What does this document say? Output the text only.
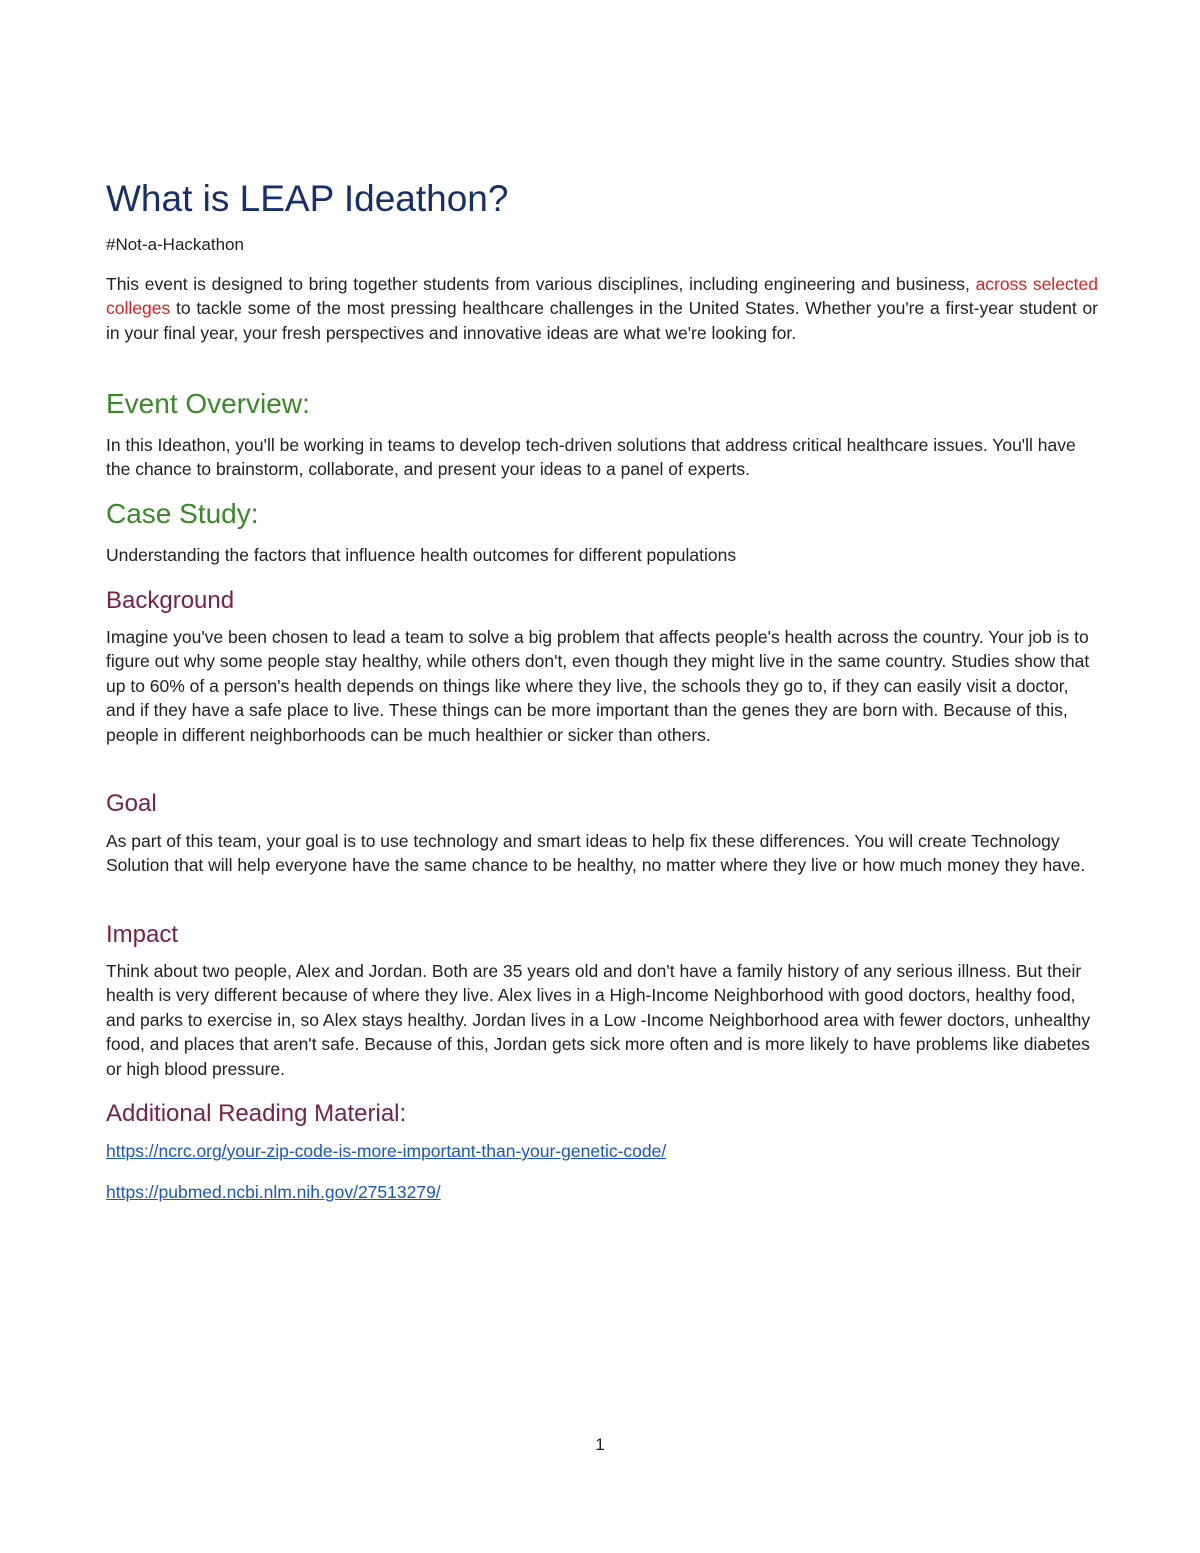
What is LEAP Ideathon?

#Not-a-Hackathon

This event is designed to bring together students from various disciplines, including engineering and business, across selected colleges to tackle some of the most pressing healthcare challenges in the United States. Whether you're a first-year student or in your final year, your fresh perspectives and innovative ideas are what we're looking for.

Event Overview:

In this Ideathon, you'll be working in teams to develop tech-driven solutions that address critical healthcare issues. You'll have the chance to brainstorm, collaborate, and present your ideas to a panel of experts.

Case Study:

Understanding the factors that influence health outcomes for different populations

Background

Imagine you've been chosen to lead a team to solve a big problem that affects people's health across the country. Your job is to figure out why some people stay healthy, while others don't, even though they might live in the same country. Studies show that up to 60% of a person's health depends on things like where they live, the schools they go to, if they can easily visit a doctor, and if they have a safe place to live. These things can be more important than the genes they are born with. Because of this, people in different neighborhoods can be much healthier or sicker than others.

Goal

As part of this team, your goal is to use technology and smart ideas to help fix these differences. You will create Technology Solution that will help everyone have the same chance to be healthy, no matter where they live or how much money they have.

Impact

Think about two people, Alex and Jordan. Both are 35 years old and don't have a family history of any serious illness. But their health is very different because of where they live. Alex lives in a High-Income Neighborhood with good doctors, healthy food, and parks to exercise in, so Alex stays healthy. Jordan lives in a Low -Income Neighborhood area with fewer doctors, unhealthy food, and places that aren't safe. Because of this, Jordan gets sick more often and is more likely to have problems like diabetes or high blood pressure.

Additional Reading Material:
https://ncrc.org/your-zip-code-is-more-important-than-your-genetic-code/
https://pubmed.ncbi.nlm.nih.gov/27513279/
1
